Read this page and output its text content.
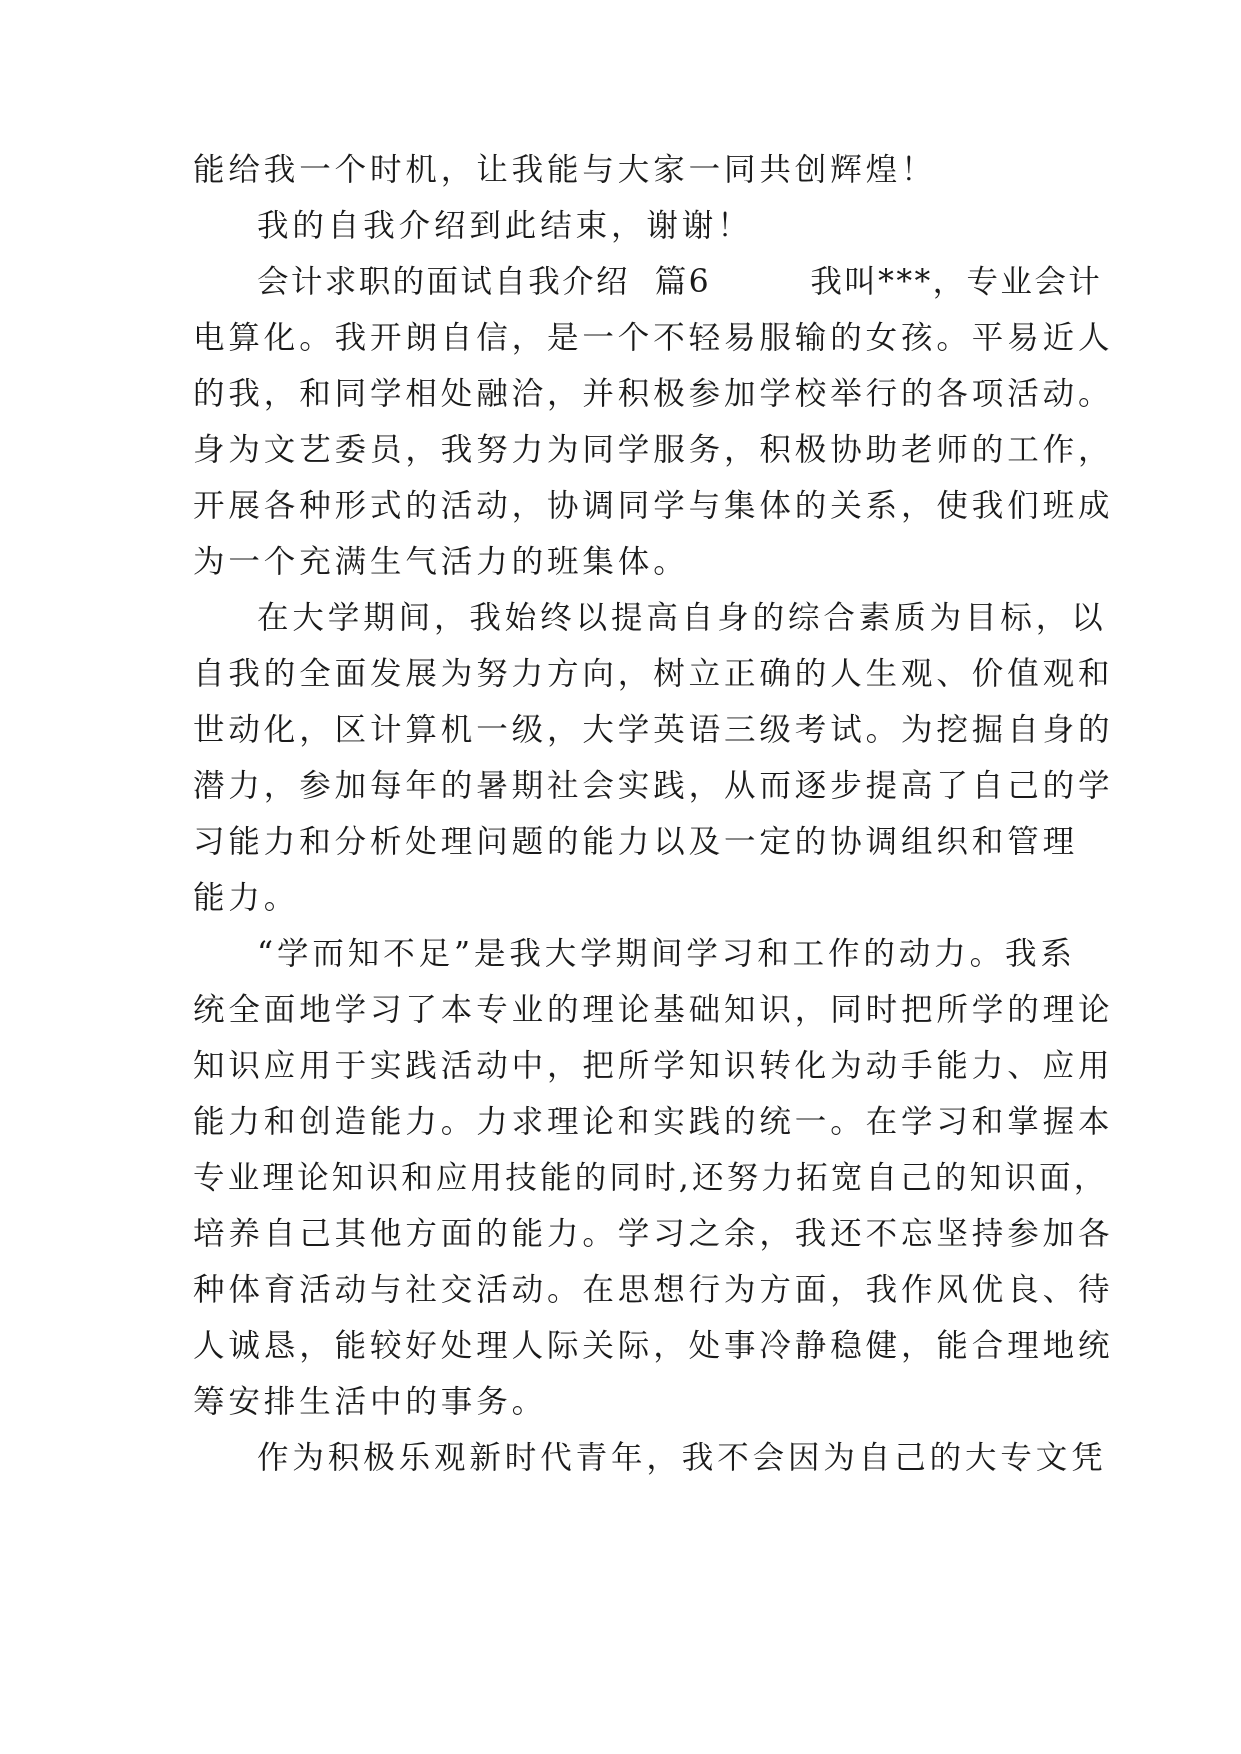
能给我一个时机，让我能与大家一同共创辉煌！
我的自我介绍到此结束，谢谢！
会计求职的面试自我介绍  篇6        我叫***，专业会计
电算化。我开朗自信，是一个不轻易服输的女孩。平易近人
的我，和同学相处融洽，并积极参加学校举行的各项活动。
身为文艺委员，我努力为同学服务，积极协助老师的工作，
开展各种形式的活动，协调同学与集体的关系，使我们班成
为一个充满生气活力的班集体。
在大学期间，我始终以提高自身的综合素质为目标，以
自我的全面发展为努力方向，树立正确的人生观、价值观和
世动化，区计算机一级，大学英语三级考试。为挖掘自身的
潜力，参加每年的暑期社会实践，从而逐步提高了自己的学
习能力和分析处理问题的能力以及一定的协调组织和管理
能力。
“学而知不足”是我大学期间学习和工作的动力。我系
统全面地学习了本专业的理论基础知识，同时把所学的理论
知识应用于实践活动中，把所学知识转化为动手能力、应用
能力和创造能力。力求理论和实践的统一。在学习和掌握本
专业理论知识和应用技能的同时,还努力拓宽自己的知识面，
培养自己其他方面的能力。学习之余，我还不忘坚持参加各
种体育活动与社交活动。在思想行为方面，我作风优良、待
人诚恳，能较好处理人际关际，处事冷静稳健，能合理地统
筹安排生活中的事务。
作为积极乐观新时代青年，我不会因为自己的大专文凭
